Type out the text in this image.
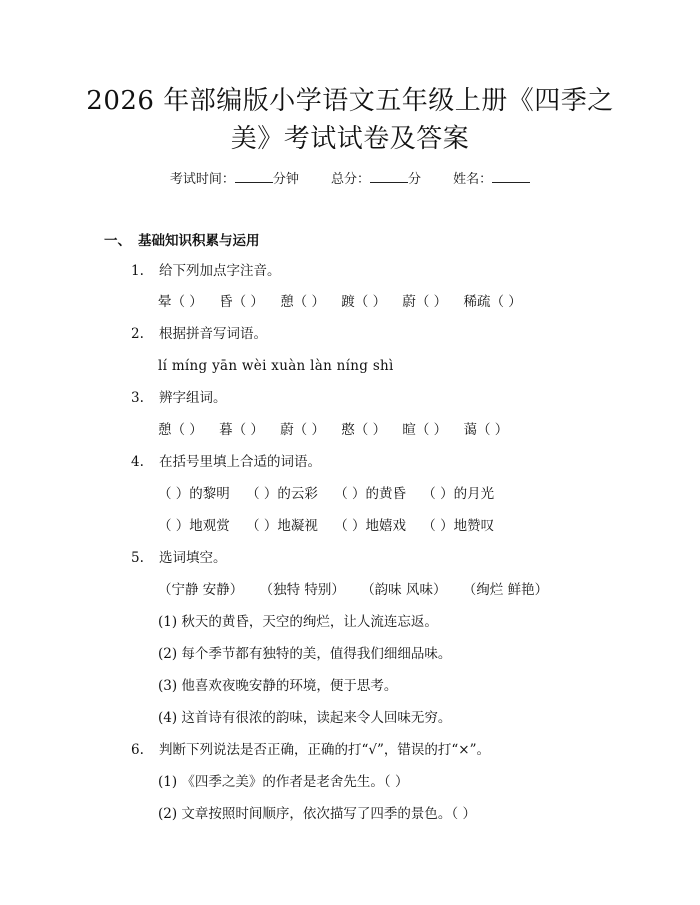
2026 年部编版小学语文五年级上册《四季之
美》考试试卷及答案
考试时间：	分钟 总分：	分 姓名：
一、 基础知识积累与运用
1. 给下列加点字注音。
晕（ ） 昏（ ） 憩（ ） 踱（ ） 蔚（ ） 稀疏（ ）
2. 根据拼音写词语。
lí míng yān wèi xuàn làn níng shì
3. 辨字组词。
憩（ ） 暮（ ） 蔚（ ） 憨（ ） 暄（ ） 蔼（ ）
4. 在括号里填上合适的词语。
（ ）的黎明 （ ）的云彩 （ ）的黄昏 （ ）的月光
（ ）地观赏 （ ）地凝视 （ ）地嬉戏 （ ）地赞叹
5. 选词填空。
（宁静 安静） （独特 特别） （韵味 风味） （绚烂 鲜艳）
(1) 秋天的黄昏，天空的绚烂，让人流连忘返。
(2) 每个季节都有独特的美，值得我们细细品味。
(3) 他喜欢夜晚安静的环境，便于思考。
(4) 这首诗有很浓的韵味，读起来令人回味无穷。
6. 判断下列说法是否正确，正确的打“√”，错误的打“×”。
(1) 《四季之美》的作者是老舍先生。（ ）
(2) 文章按照时间顺序，依次描写了四季的景色。（ ）
